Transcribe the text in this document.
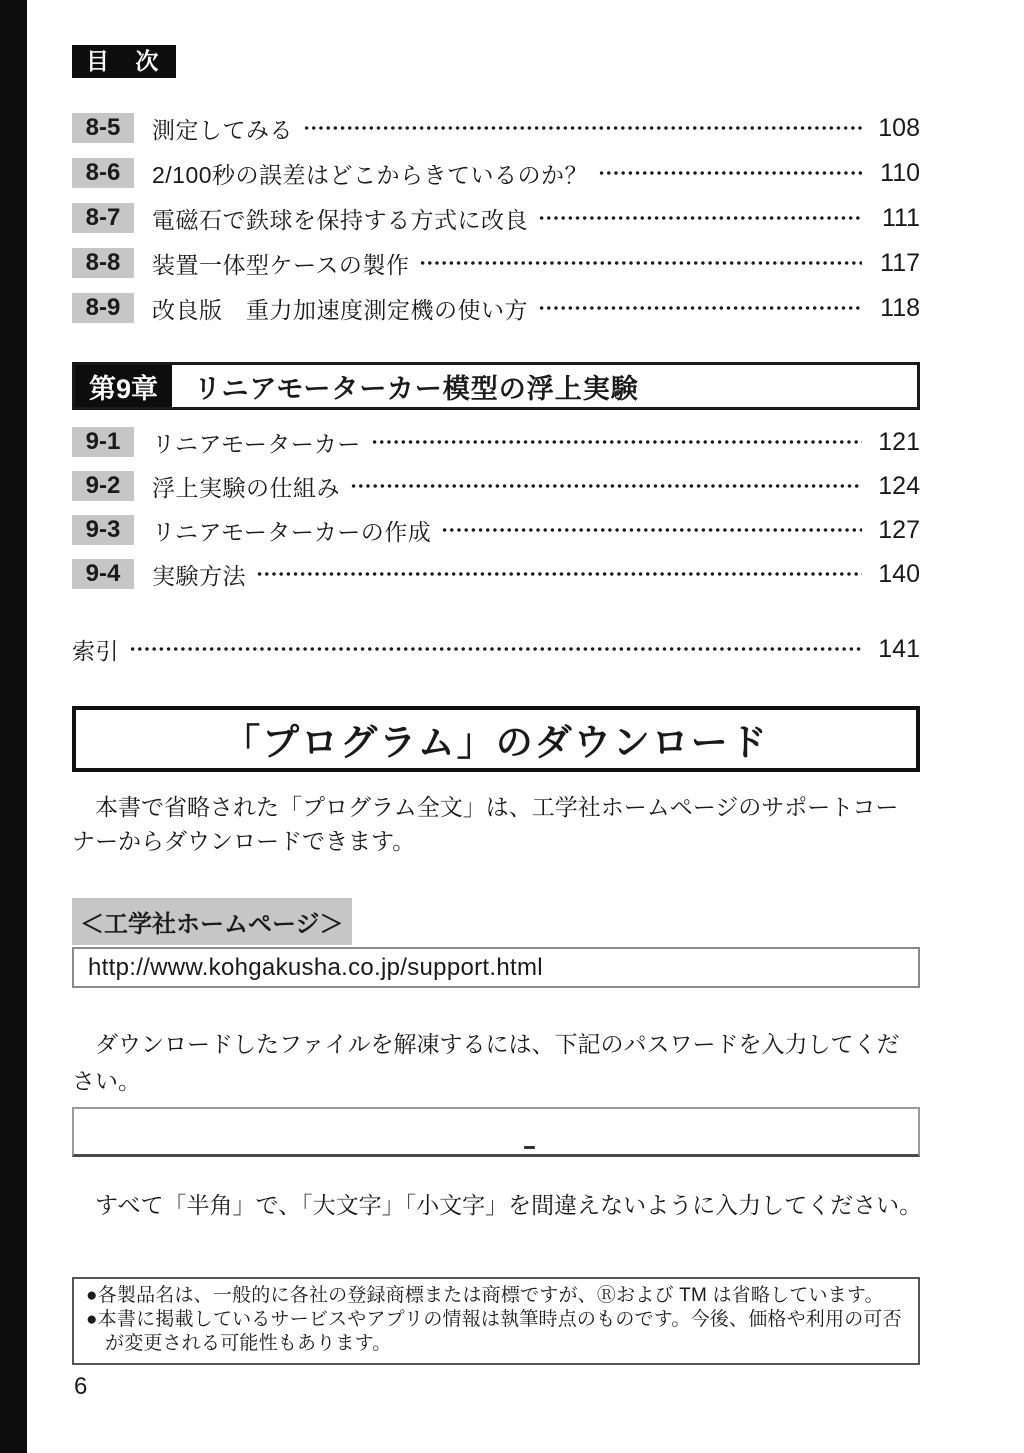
目 次
8-5	測定してみる	108
8-6	2/100秒の誤差はどこからきているのか？	110
8-7	電磁石で鉄球を保持する方式に改良	111
8-8	装置一体型ケースの製作	117
8-9	改良版　重力加速度測定機の使い方	118
第9章	リニアモーターカー模型の浮上実験
9-1	リニアモーターカー	121
9-2	浮上実験の仕組み	124
9-3	リニアモーターカーの作成	127
9-4	実験方法	140
索引	141
「プログラム」のダウンロード

　本書で省略された「プログラム全文」は、工学社ホームページのサポートコーナーからダウンロードできます。

＜工学社ホームページ＞
http://www.kohgakusha.co.jp/support.html

　ダウンロードしたファイルを解凍するには、下記のパスワードを入力してください。

　すべて「半角」で、「大文字」「小文字」を間違えないように入力してください。

●各製品名は、一般的に各社の登録商標または商標ですが、Ⓡおよび TM は省略しています。

●本書に掲載しているサービスやアプリの情報は執筆時点のものです。今後、価格や利用の可否が変更される可能性もあります。

6
